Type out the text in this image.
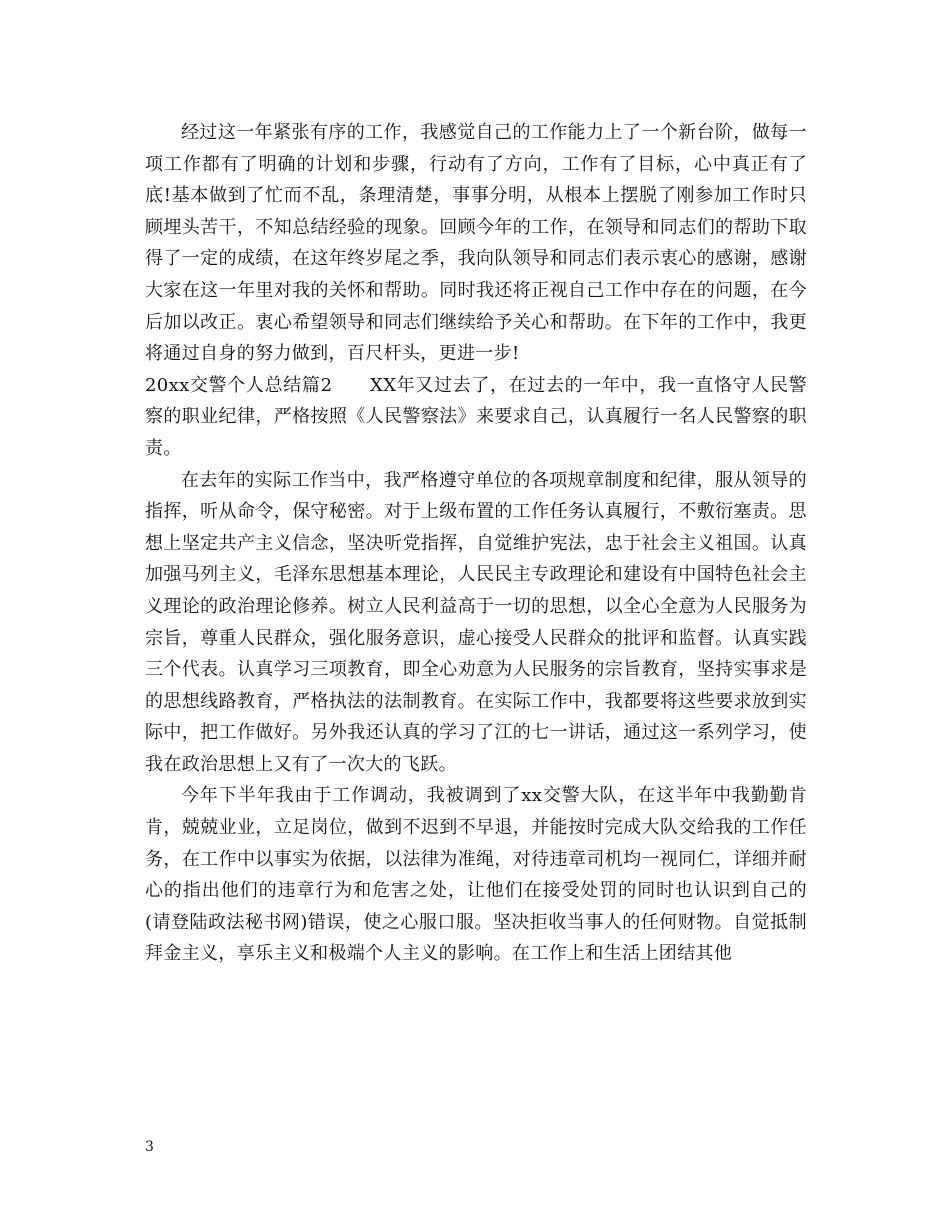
经过这一年紧张有序的工作，我感觉自己的工作能力上了一个新台阶，做每一项工作都有了明确的计划和步骤，行动有了方向，工作有了目标，心中真正有了底!基本做到了忙而不乱，条理清楚，事事分明，从根本上摆脱了刚参加工作时只顾埋头苦干，不知总结经验的现象。回顾今年的工作，在领导和同志们的帮助下取得了一定的成绩，在这年终岁尾之季，我向队领导和同志们表示衷心的感谢，感谢大家在这一年里对我的关怀和帮助。同时我还将正视自己工作中存在的问题，在今后加以改正。衷心希望领导和同志们继续给予关心和帮助。在下年的工作中，我更将通过自身的努力做到，百尺杆头，更进一步!

20xx交警个人总结篇2　　XX年又过去了，在过去的一年中，我一直恪守人民警察的职业纪律，严格按照《人民警察法》来要求自己，认真履行一名人民警察的职责。

在去年的实际工作当中，我严格遵守单位的各项规章制度和纪律，服从领导的指挥，听从命令，保守秘密。对于上级布置的工作任务认真履行，不敷衍塞责。思想上坚定共产主义信念，坚决听党指挥，自觉维护宪法，忠于社会主义祖国。认真加强马列主义，毛泽东思想基本理论，人民民主专政理论和建设有中国特色社会主义理论的政治理论修养。树立人民利益高于一切的思想，以全心全意为人民服务为宗旨，尊重人民群众，强化服务意识，虚心接受人民群众的批评和监督。认真实践三个代表。认真学习三项教育，即全心劝意为人民服务的宗旨教育，坚持实事求是的思想线路教育，严格执法的法制教育。在实际工作中，我都要将这些要求放到实际中，把工作做好。另外我还认真的学习了江的七一讲话，通过这一系列学习，使我在政治思想上又有了一次大的飞跃。

今年下半年我由于工作调动，我被调到了xx交警大队，在这半年中我勤勤肯肯，兢兢业业，立足岗位，做到不迟到不早退，并能按时完成大队交给我的工作任务，在工作中以事实为依据，以法律为准绳，对待违章司机均一视同仁，详细并耐心的指出他们的违章行为和危害之处，让他们在接受处罚的同时也认识到自己的(请登陆政法秘书网)错误，使之心服口服。坚决拒收当事人的任何财物。自觉抵制拜金主义，享乐主义和极端个人主义的影响。在工作上和生活上团结其他

3
